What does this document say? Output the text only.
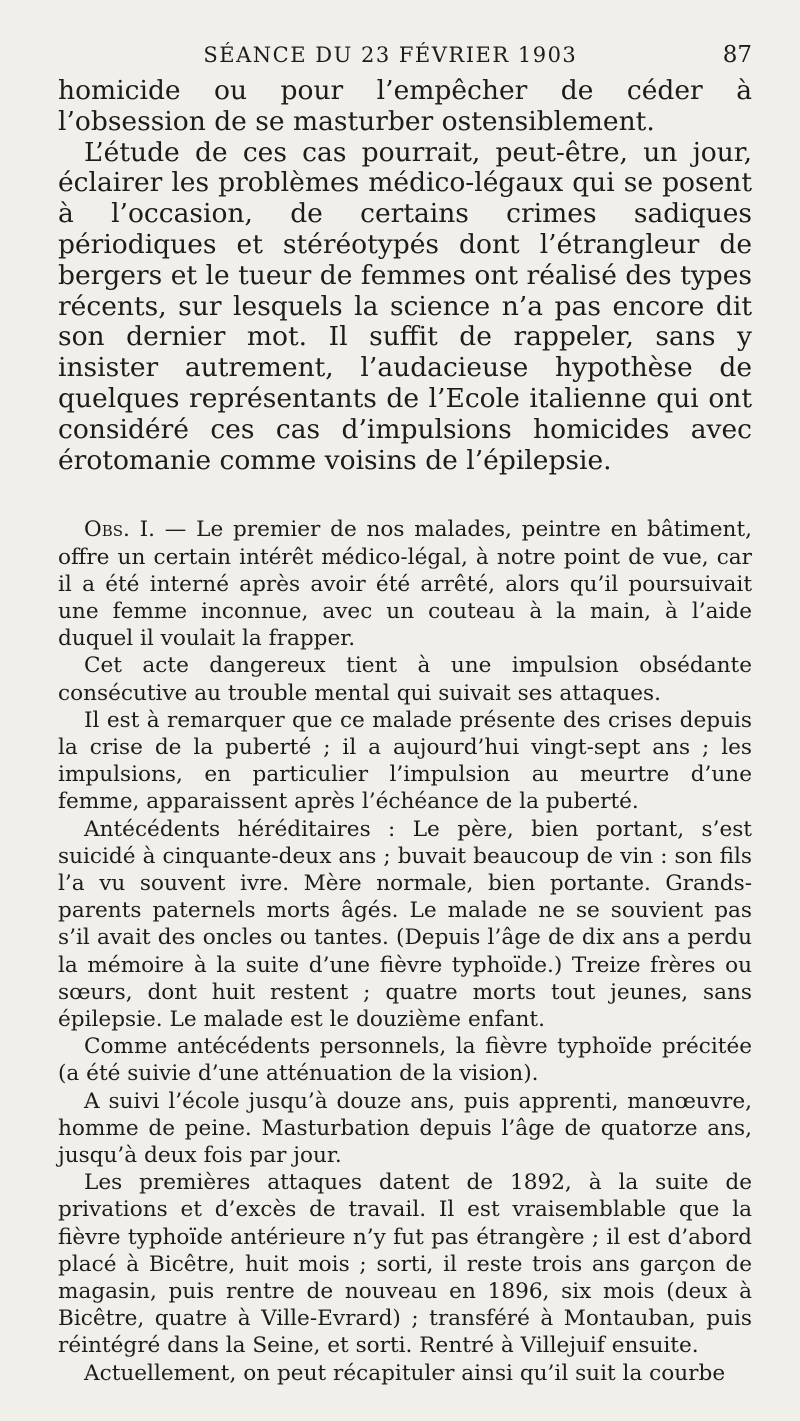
SÉANCE DU 23 FÉVRIER 1903	87

homicide ou pour l’empêcher de céder à l’obsession de se masturber ostensiblement.

L’étude de ces cas pourrait, peut-être, un jour, éclairer les problèmes médico-légaux qui se posent à l’occasion, de certains crimes sadiques périodiques et stéréotypés dont l’étrangleur de bergers et le tueur de femmes ont réalisé des types récents, sur lesquels la science n’a pas encore dit son dernier mot. Il suffit de rappeler, sans y insister autrement, l’audacieuse hypothèse de quelques représentants de l’Ecole italienne qui ont considéré ces cas d’impulsions homicides avec érotomanie comme voisins de l’épilepsie.

Obs. I. — Le premier de nos malades, peintre en bâtiment, offre un certain intérêt médico-légal, à notre point de vue, car il a été interné après avoir été arrêté, alors qu’il poursuivait une femme inconnue, avec un couteau à la main, à l’aide duquel il voulait la frapper.

Cet acte dangereux tient à une impulsion obsédante consécutive au trouble mental qui suivait ses attaques.

Il est à remarquer que ce malade présente des crises depuis la crise de la puberté ; il a aujourd’hui vingt-sept ans ; les impulsions, en particulier l’impulsion au meurtre d’une femme, apparaissent après l’échéance de la puberté.

Antécédents héréditaires : Le père, bien portant, s’est suicidé à cinquante-deux ans ; buvait beaucoup de vin : son fils l’a vu souvent ivre. Mère normale, bien portante. Grands-parents paternels morts âgés. Le malade ne se souvient pas s’il avait des oncles ou tantes. (Depuis l’âge de dix ans a perdu la mémoire à la suite d’une fièvre typhoïde.) Treize frères ou sœurs, dont huit restent ; quatre morts tout jeunes, sans épilepsie. Le malade est le douzième enfant.

Comme antécédents personnels, la fièvre typhoïde précitée (a été suivie d’une atténuation de la vision).

A suivi l’école jusqu’à douze ans, puis apprenti, manœuvre, homme de peine. Masturbation depuis l’âge de quatorze ans, jusqu’à deux fois par jour.

Les premières attaques datent de 1892, à la suite de privations et d’excès de travail. Il est vraisemblable que la fièvre typhoïde antérieure n’y fut pas étrangère ; il est d’abord placé à Bicêtre, huit mois ; sorti, il reste trois ans garçon de magasin, puis rentre de nouveau en 1896, six mois (deux à Bicêtre, quatre à Ville-Evrard) ; transféré à Montauban, puis réintégré dans la Seine, et sorti. Rentré à Villejuif ensuite.

Actuellement, on peut récapituler ainsi qu’il suit la courbe
